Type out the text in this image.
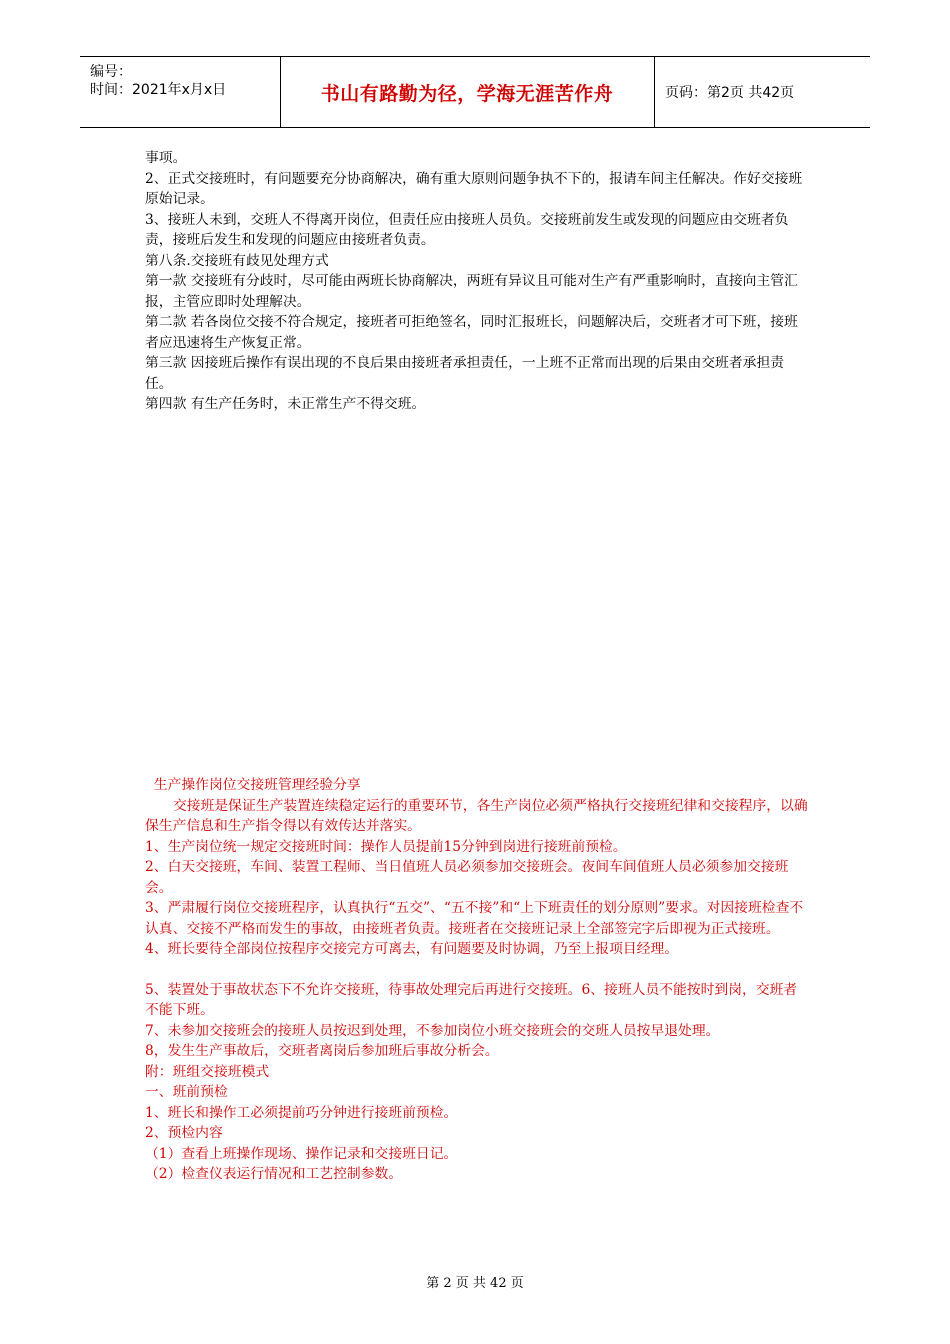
编号：
时间：2021年x月x日	书山有路勤为径，学海无涯苦作舟	页码：第2页 共42页

事项。

2、正式交接班时，有问题要充分协商解决，确有重大原则问题争执不下的，报请车间主任解决。作好交接班原始记录。

3、接班人未到，交班人不得离开岗位，但责任应由接班人员负。交接班前发生或发现的问题应由交班者负责，接班后发生和发现的问题应由接班者负责。

第八条.交接班有歧见处理方式

第一款 交接班有分歧时，尽可能由两班长协商解决，两班有异议且可能对生产有严重影响时，直接向主管汇报，主管应即时处理解决。

第二款 若各岗位交接不符合规定，接班者可拒绝签名，同时汇报班长，问题解决后，交班者才可下班，接班者应迅速将生产恢复正常。

第三款 因接班后操作有误出现的不良后果由接班者承担责任，一上班不正常而出现的后果由交班者承担责任。

第四款 有生产任务时，未正常生产不得交班。

生产操作岗位交接班管理经验分享

交接班是保证生产装置连续稳定运行的重要环节，各生产岗位必须严格执行交接班纪律和交接程序，以确保生产信息和生产指令得以有效传达并落实。

1、生产岗位统一规定交接班时间：操作人员提前15分钟到岗进行接班前预检。

2、白天交接班，车间、装置工程师、当日值班人员必须参加交接班会。夜间车间值班人员必须参加交接班会。

3、严肃履行岗位交接班程序，认真执行“五交”、“五不接”和“上下班责任的划分原则”要求。对因接班检查不认真、交接不严格而发生的事故，由接班者负责。接班者在交接班记录上全部签完字后即视为正式接班。

4、班长要待全部岗位按程序交接完方可离去，有问题要及时协调，乃至上报项目经理。

5、装置处于事故状态下不允许交接班，待事故处理完后再进行交接班。6、接班人员不能按时到岗，交班者不能下班。

7、未参加交接班会的接班人员按迟到处理，不参加岗位小班交接班会的交班人员按早退处理。

8，发生生产事故后，交班者离岗后参加班后事故分析会。

附：班组交接班模式

一、班前预检

1、班长和操作工必须提前巧分钟进行接班前预检。

2、预检内容

（1）查看上班操作现场、操作记录和交接班日记。

（2）检查仪表运行情况和工艺控制参数。

第 2 页 共 42 页
